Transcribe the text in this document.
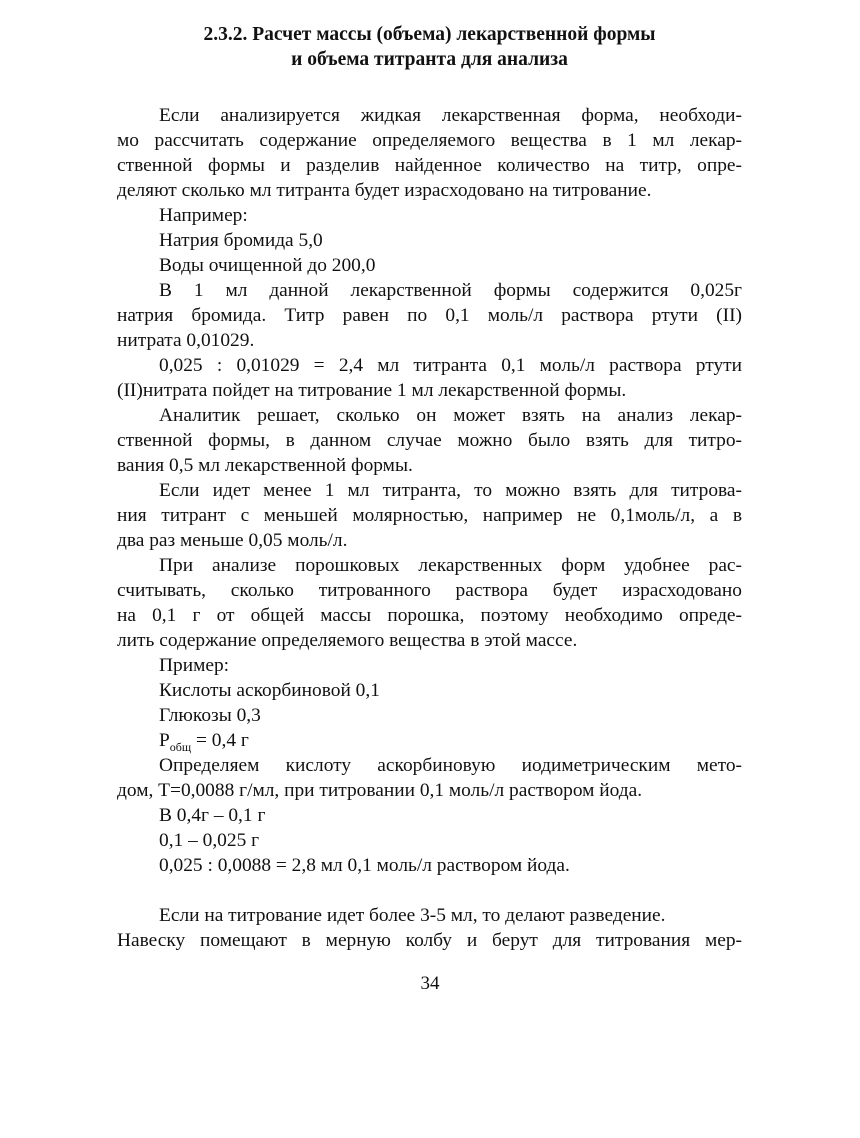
2.3.2. Расчет массы (объема) лекарственной формы
и объема титранта для анализа
Если анализируется жидкая лекарственная форма, необходи-
мо рассчитать содержание определяемого вещества в 1 мл лекар-
ственной формы и разделив найденное количество на титр, опре-
деляют сколько мл титранта будет израсходовано на титрование.
Например:
Натрия бромида 5,0
Воды очищенной до 200,0
В 1 мл данной лекарственной формы содержится 0,025г
натрия бромида. Титр равен по 0,1 моль/л раствора ртути (II)
нитрата 0,01029.
0,025 : 0,01029 = 2,4 мл титранта 0,1 моль/л раствора ртути
(II)нитрата пойдет на титрование 1 мл лекарственной формы.
Аналитик решает, сколько он может взять на анализ лекар-
ственной формы, в данном случае можно было взять для титро-
вания 0,5 мл лекарственной формы.
Если идет менее 1 мл титранта, то можно взять для титрова-
ния титрант с меньшей молярностью, например не 0,1моль/л, а в
два раз меньше 0,05 моль/л.
При анализе порошковых лекарственных форм удобнее рас-
считывать, сколько титрованного раствора будет израсходовано
на 0,1 г от общей массы порошка, поэтому необходимо опреде-
лить содержание определяемого вещества в этой массе.
Пример:
Кислоты аскорбиновой 0,1
Глюкозы 0,3
$P_{общ} = 0,4$ г
Определяем кислоту аскорбиновую иодиметрическим мето-
дом, Т=0,0088 г/мл, при титровании 0,1 моль/л раствором йода.
В 0,4г – 0,1 г
0,1 – 0,025 г
0,025 : 0,0088 = 2,8 мл 0,1 моль/л раствором йода.
Если на титрование идет более 3-5 мл, то делают разведение.
Навеску помещают в мерную колбу и берут для титрования мер-
34
